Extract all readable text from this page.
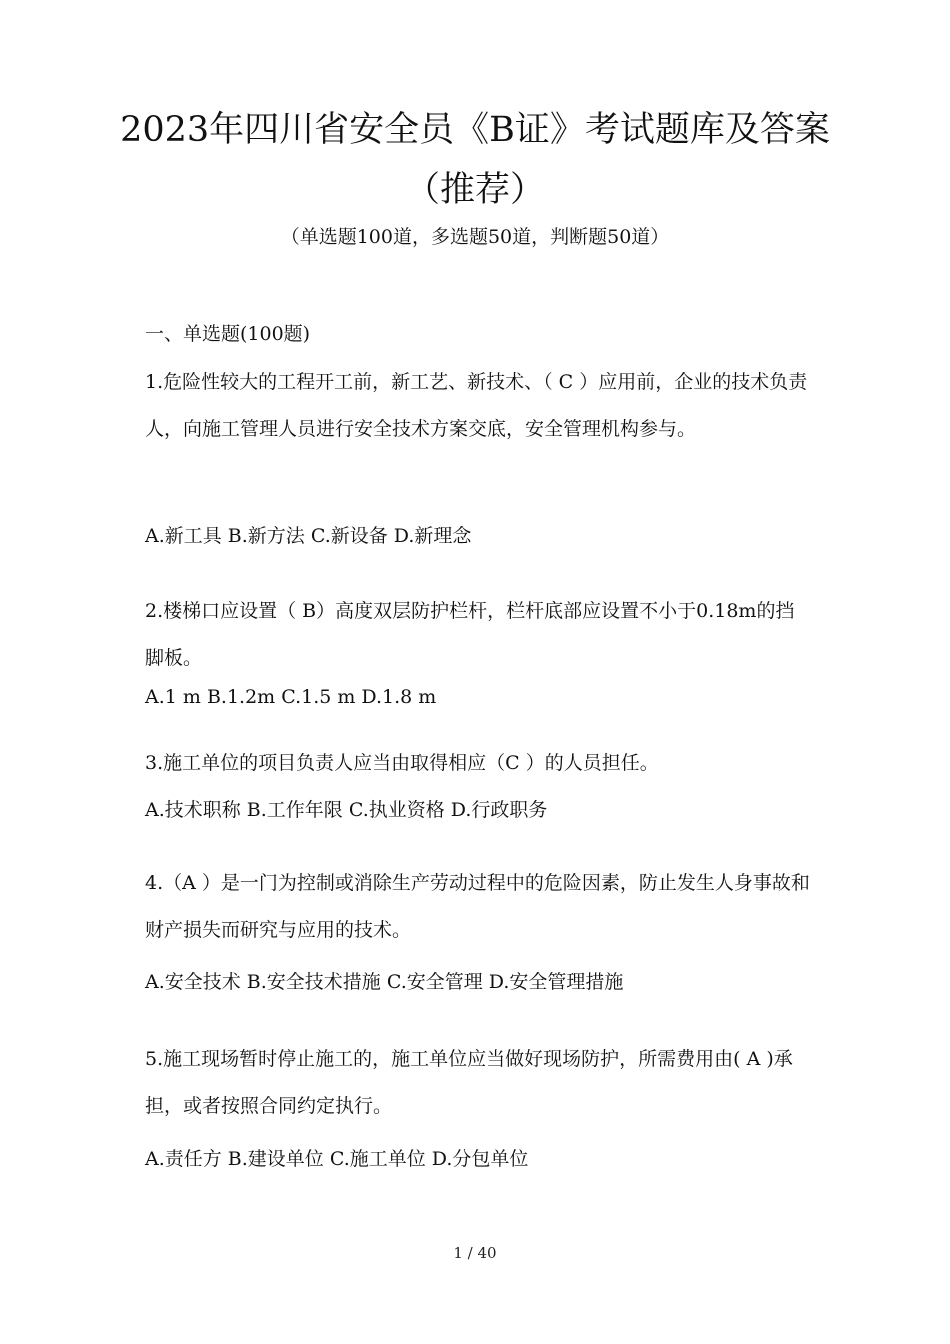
2023年四川省安全员《B证》考试题库及答案（推荐）
（单选题100道，多选题50道，判断题50道）
一、单选题(100题)
1.危险性较大的工程开工前，新工艺、新技术、（ C ）应用前，企业的技术负责人，向施工管理人员进行安全技术方案交底，安全管理机构参与。
A.新工具 B.新方法 C.新设备 D.新理念
2.楼梯口应设置（ B）高度双层防护栏杆，栏杆底部应设置不小于0.18m的挡脚板。
A.1 m B.1.2m C.1.5 m D.1.8 m
3.施工单位的项目负责人应当由取得相应（C ）的人员担任。
A.技术职称 B.工作年限 C.执业资格 D.行政职务
4.（A ）是一门为控制或消除生产劳动过程中的危险因素，防止发生人身事故和财产损失而研究与应用的技术。
A.安全技术 B.安全技术措施 C.安全管理 D.安全管理措施
5.施工现场暂时停止施工的，施工单位应当做好现场防护，所需费用由( A )承担，或者按照合同约定执行。
A.责任方 B.建设单位 C.施工单位 D.分包单位
1 / 40
